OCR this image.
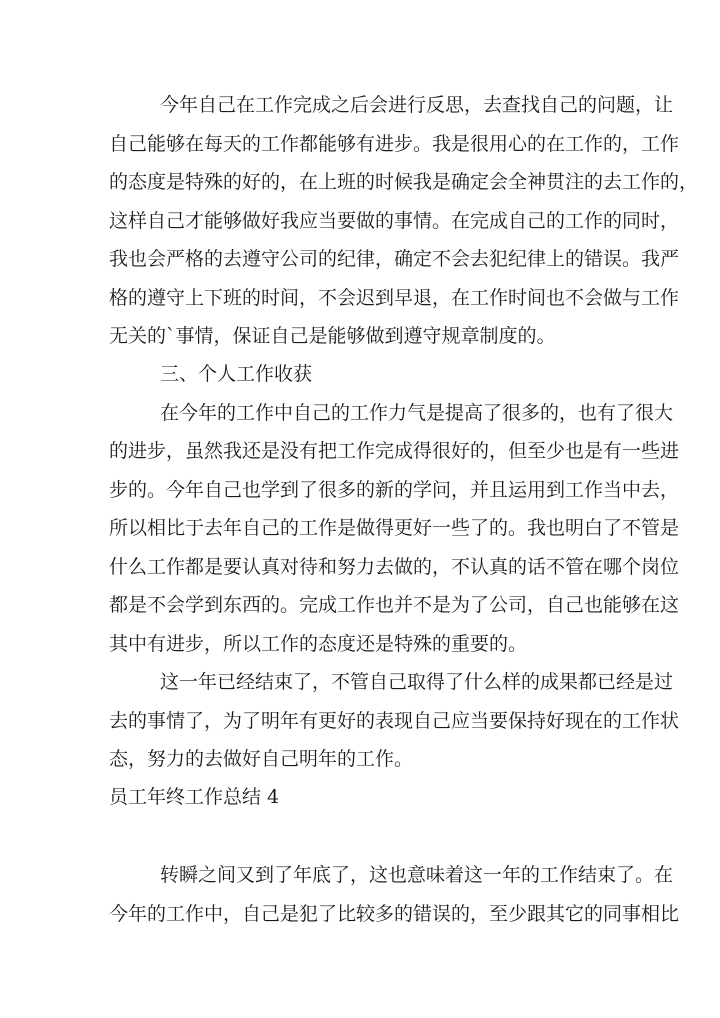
今年自己在工作完成之后会进行反思，去查找自己的问题，让
自己能够在每天的工作都能够有进步。我是很用心的在工作的，工作
的态度是特殊的好的，在上班的时候我是确定会全神贯注的去工作的，
这样自己才能够做好我应当要做的事情。在完成自己的工作的同时，
我也会严格的去遵守公司的纪律，确定不会去犯纪律上的错误。我严
格的遵守上下班的时间，不会迟到早退，在工作时间也不会做与工作
无关的`事情，保证自己是能够做到遵守规章制度的。
三、个人工作收获
在今年的工作中自己的工作力气是提高了很多的，也有了很大
的进步，虽然我还是没有把工作完成得很好的，但至少也是有一些进
步的。今年自己也学到了很多的新的学问，并且运用到工作当中去，
所以相比于去年自己的工作是做得更好一些了的。我也明白了不管是
什么工作都是要认真对待和努力去做的，不认真的话不管在哪个岗位
都是不会学到东西的。完成工作也并不是为了公司，自己也能够在这
其中有进步，所以工作的态度还是特殊的重要的。
这一年已经结束了，不管自己取得了什么样的成果都已经是过
去的事情了，为了明年有更好的表现自己应当要保持好现在的工作状
态，努力的去做好自己明年的工作。
员工年终工作总结 4
转瞬之间又到了年底了，这也意味着这一年的工作结束了。在
今年的工作中，自己是犯了比较多的错误的，至少跟其它的同事相比
